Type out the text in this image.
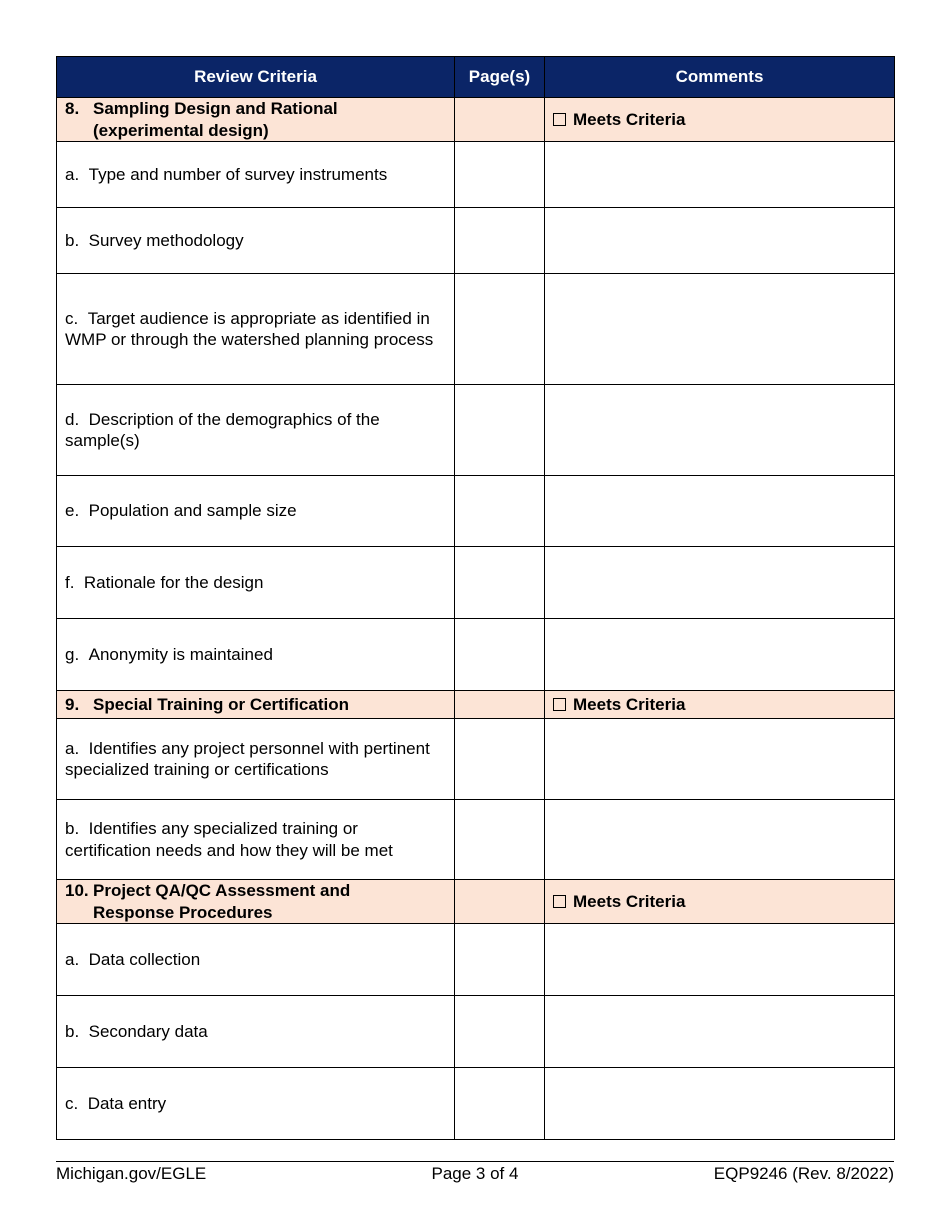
Review Criteria	Page(s)	Comments

8. Sampling Design and Rational
(experimental design)		Meets Criteria
a. Type and number of survey instruments		
b. Survey methodology		
c. Target audience is appropriate as identified in WMP or through the watershed planning process		
d. Description of the demographics of the sample(s)		
e. Population and sample size		
f. Rationale for the design		
g. Anonymity is maintained		

9. Special Training or Certification		Meets Criteria
a. Identifies any project personnel with pertinent specialized training or certifications		
b. Identifies any specialized training or certification needs and how they will be met		

10. Project QA/QC Assessment and
Response Procedures		Meets Criteria
a. Data collection		
b. Secondary data		
c. Data entry		
Michigan.gov/EGLE	Page 3 of 4	EQP9246 (Rev. 8/2022)
